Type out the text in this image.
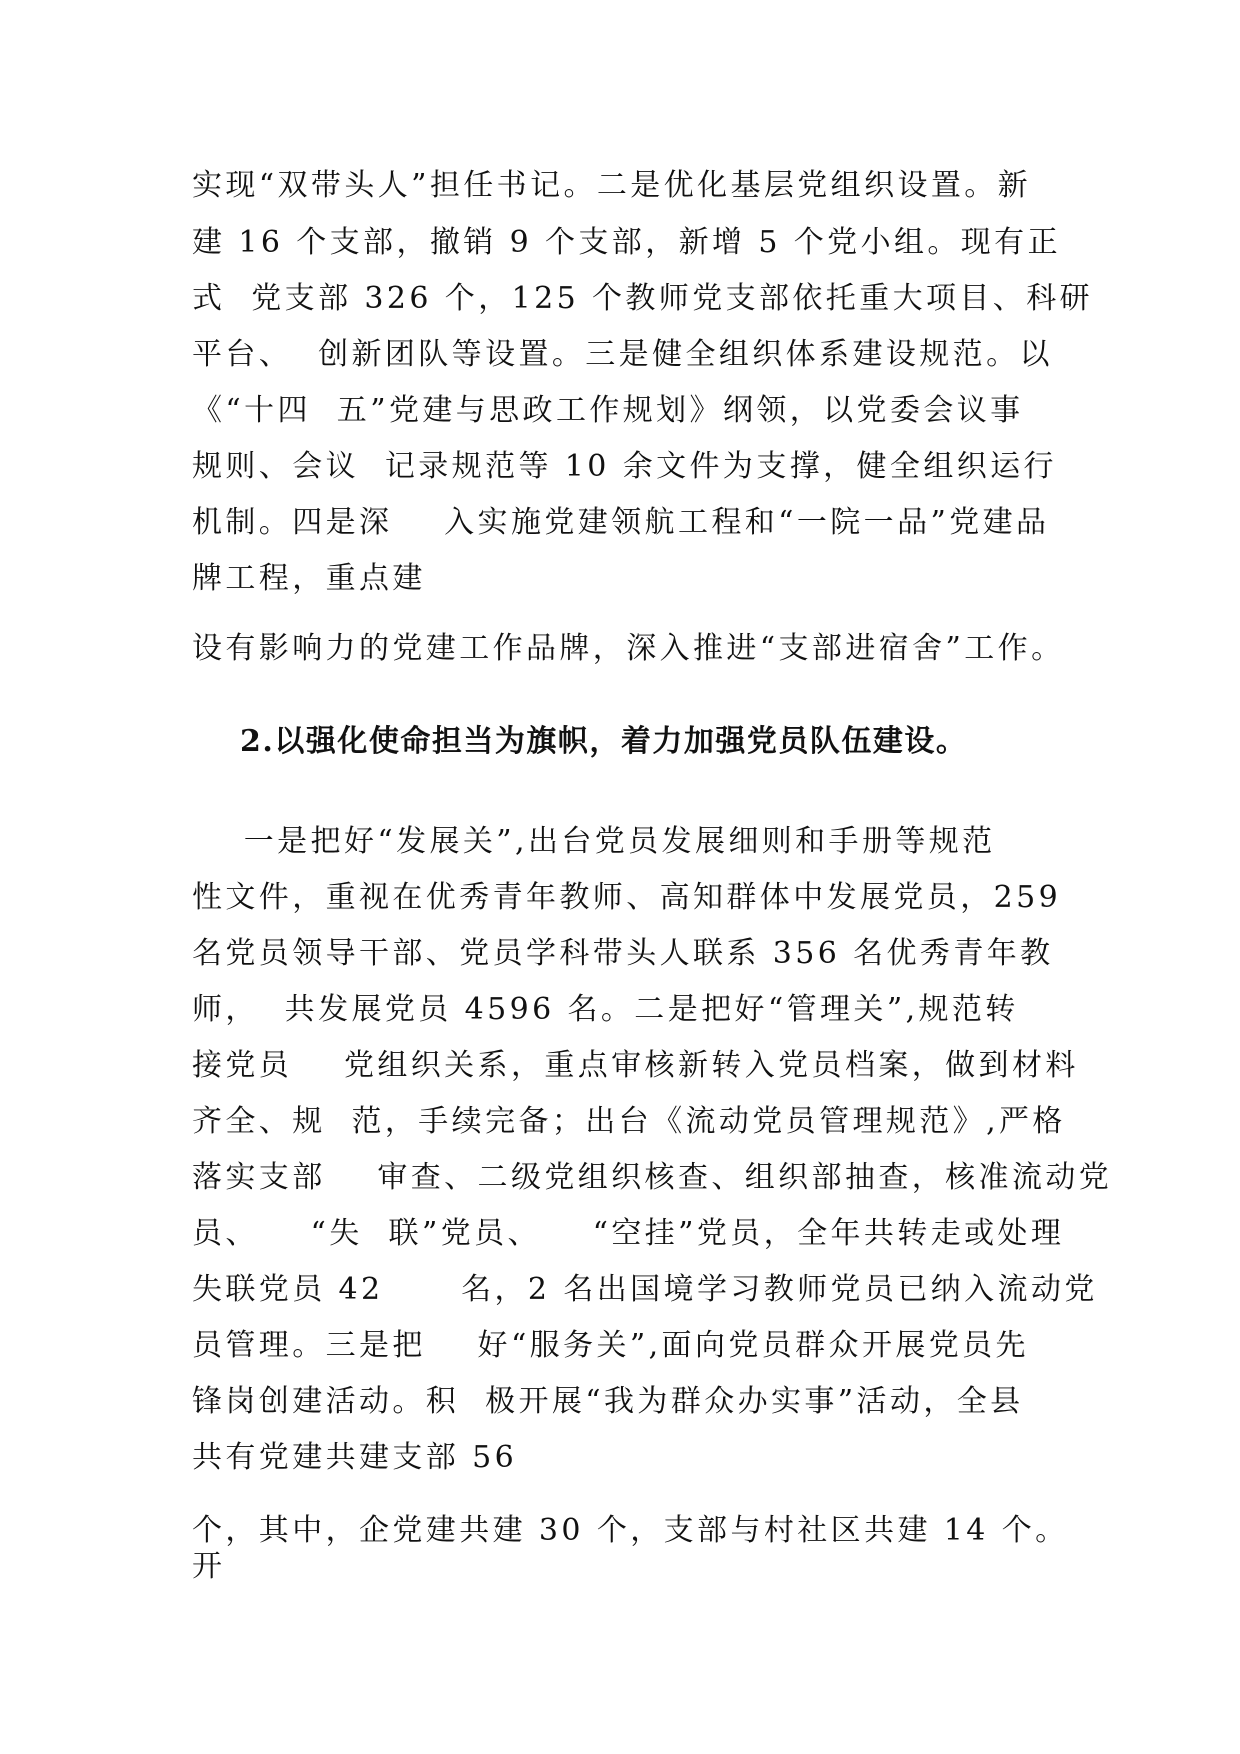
实现“双带头人”担任书记。二是优化基层党组织设置。新
建 16 个支部，撤销 9 个支部，新增 5 个党小组。现有正
式  党支部 326 个，125 个教师党支部依托重大项目、科研
平台、  创新团队等设置。三是健全组织体系建设规范。以
《“十四  五”党建与思政工作规划》纲领，以党委会议事
规则、会议  记录规范等 10 余文件为支撑，健全组织运行
机制。四是深    入实施党建领航工程和“一院一品”党建品
牌工程，重点建
设有影响力的党建工作品牌，深入推进“支部进宿舍”工作。
2.以强化使命担当为旗帜，着力加强党员队伍建设。
一是把好“发展关”,出台党员发展细则和手册等规范
性文件，重视在优秀青年教师、高知群体中发展党员，259
名党员领导干部、党员学科带头人联系 356 名优秀青年教
师，  共发展党员 4596 名。二是把好“管理关”,规范转
接党员    党组织关系，重点审核新转入党员档案，做到材料
齐全、规  范，手续完备；出台《流动党员管理规范》,严格
落实支部    审查、二级党组织核查、组织部抽查，核准流动党
员、    “失  联”党员、    “空挂”党员，全年共转走或处理
失联党员 42      名，2 名出国境学习教师党员已纳入流动党
员管理。三是把    好“服务关”,面向党员群众开展党员先
锋岗创建活动。积  极开展“我为群众办实事”活动，全县
共有党建共建支部 56
个，其中，企党建共建 30 个，支部与村社区共建 14 个。
开
